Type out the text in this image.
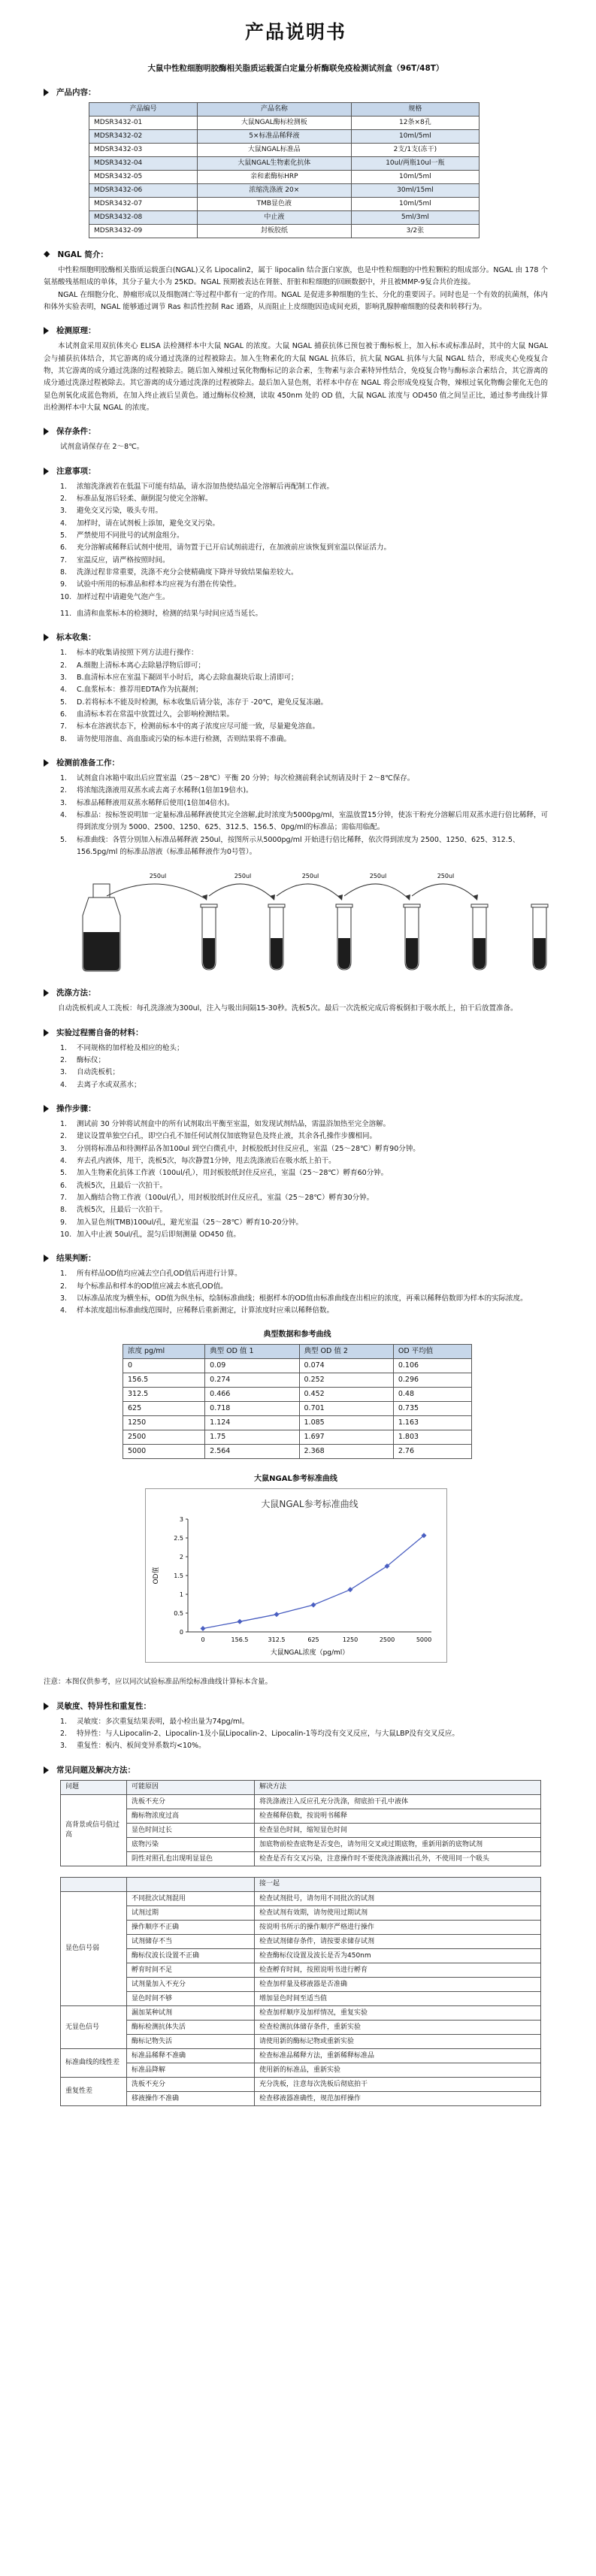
产品说明书
大鼠中性粒细胞明胶酶相关脂质运载蛋白定量分析酶联免疫检测试剂盒（96T/48T）
产品内容：
产品编号	产品名称	规格
MDSR3432-01	大鼠NGAL酶标检测板	12条×8孔
MDSR3432-02	5×标准品稀释液	10ml/5ml
MDSR3432-03	大鼠NGAL标准品	2支/1支(冻干)
MDSR3432-04	大鼠NGAL生物素化抗体	10ul/两瓶10ul一瓶
MDSR3432-05	亲和素酶标HRP	10ml/5ml
MDSR3432-06	浓缩洗涤液 20×	30ml/15ml
MDSR3432-07	TMB显色液	10ml/5ml
MDSR3432-08	中止液	5ml/3ml
MDSR3432-09	封板胶纸	3/2张
◆ NGAL 简介：

中性粒细胞明胶酶相关脂质运载蛋白(NGAL)又名 Lipocalin2，属于 lipocalin 结合蛋白家族，也是中性粒细胞的中性粒颗粒的组成部分。NGAL 由 178 个氨基酸残基组成的单体，其分子量大小为 25KD。NGAL 预期被表达在肾脏、肝脏和粒细胞的回顾数据中，并且被MMP-9复合共价连接。

NGAL 在细胞分化、肿瘤形成以及细胞凋亡等过程中都有一定的作用。NGAL 是促进多种细胞的生长、分化的重要因子。同时也是一个有效的抗菌剂，体内和体外实验表明，NGAL 能够通过调节 Ras 和活性控制 Rac 通路，从而阻止上皮细胞因造成间充质，影响乳腺肿瘤细胞的侵袭和转移行为。

检测原理：

本试剂盒采用双抗体夹心 ELISA 法检测样本中大鼠 NGAL 的浓度。大鼠 NGAL 捕获抗体已预包被于酶标板上，加入标本或标准品时，其中的大鼠 NGAL 会与捕获抗体结合，其它游离的成分通过洗涤的过程被除去。加入生物素化的大鼠 NGAL 抗体后，抗大鼠 NGAL 抗体与大鼠 NGAL 结合，形成夹心免疫复合物，其它游离的成分通过洗涤的过程被除去。随后加入辣根过氧化物酶标记的亲合素，生物素与亲合素特异性结合，免疫复合物与酶标亲合素结合，其它游离的成分通过洗涤过程被除去。其它游离的成分通过洗涤的过程被除去。最后加入显色剂，若样本中存在 NGAL 将会形成免疫复合物，辣根过氧化物酶会催化无色的显色剂氧化成蓝色物质，在加入终止液后呈黄色。通过酶标仪检测，读取 450nm 处的 OD 值，大鼠 NGAL 浓度与 OD450 值之间呈正比，通过参考曲线计算出检测样本中大鼠 NGAL 的浓度。

保存条件：
试剂盒请保存在 2～8℃。
注意事项：
1.	浓缩洗涤液若在低温下可能有结晶，请水浴加热使结晶完全溶解后再配制工作液。
2.	标准品复溶后轻柔、颠倒混匀使完全溶解。
3.	避免交叉污染，吸头专用。
4.	加样时，请在试剂板上添加，避免交叉污染。
5.	严禁使用不同批号的试剂盒组分。
6.	充分溶解或稀释后试剂中使用，请勿置于已开启试剂前进行，在加液前应该恢复到室温以保证活力。
7.	室温反应，请严格按照时间。
8.	洗涤过程非常重要，洗涤不充分会使精确度下降并导致结果偏差较大。
9.	试验中所用的标准品和样本均应视为有潜在传染性。
10. 加样过程中请避免气泡产生。
11. 血清和血浆标本的检测时，检测的结果与时间应适当延长。
标本收集：
1.	标本的收集请按照下列方法进行操作：
2.	A.细胞上清标本离心去除悬浮物后即可；
3.	B.血清标本应在室温下凝固半小时后，离心去除血凝块后取上清即可；
4.	C.血浆标本：推荐用EDTA作为抗凝剂；
5.	D.若将标本不能及时检测，标本收集后请分装，冻存于 -20℃，避免反复冻融。
6.	血清标本若在常温中放置过久，会影响检测结果。
7.	标本在溶液状态下，检测前标本中的离子浓度应尽可能一致，尽量避免溶血。
8.	请勿使用溶血、高血脂或污染的标本进行检测，否则结果将不准确。
检测前准备工作：
1.	试剂盒自冰箱中取出后应置室温（25～28℃）平衡 20 分钟；每次检测前剩余试剂请及时于 2～8℃保存。
2.	将浓缩洗涤液用双蒸水或去离子水稀释(1倍加19倍水)。
3.	标准品稀释液用双蒸水稀释后使用(1倍加4倍水)。
4.	标准品：按标签说明加一定量标准品稀释液使其完全溶解,此时浓度为5000pg/ml，室温放置15分钟，使冻干粉充分溶解后用双蒸水进行倍比稀释，可得到浓度分别为 5000、2500、1250、625、312.5、156.5、0pg/ml的标准品；需临用临配。
5.	标准曲线：各管分别加入标准品稀释液 250ul，按图所示从5000pg/ml 开始进行倍比稀释，依次得到浓度为 2500、1250、625、312.5、156.5pg/ml 的标准品溶液（标准品稀释液作为0号管）。
250ul	250ul	250ul	250ul	250ul
洗涤方法：

自动洗板机或人工洗板：每孔洗涤液为300ul，注入与吸出间隔15-30秒。洗板5次。最后一次洗板完成后将板倒扣于吸水纸上，拍干后放置准备。

实验过程需自备的材料：
1.	不同规格的加样枪及相应的枪头；
2.	酶标仪；
3.	自动洗板机；
4.	去离子水或双蒸水；
操作步骤：
1.	测试前 30 分钟将试剂盒中的所有试剂取出平衡至室温，如发现试剂结晶，需温浴加热至完全溶解。
2.	建议设置单独空白孔，即空白孔不加任何试剂仅加底物显色及终止液，其余各孔操作步骤相同。
3.	分别将标准品和待测样品各加100ul 到空白微孔中，封板胶纸封住反应孔，室温（25～28℃）孵育90分钟。
4.	弃去孔内液体，甩干，洗板5次，每次静置1分钟，甩去洗涤液后在吸水纸上拍干。
5.	加入生物素化抗体工作液（100ul/孔），用封板胶纸封住反应孔，室温（25～28℃）孵育60分钟。
6.	洗板5次，且最后一次拍干。
7.	加入酶结合物工作液（100ul/孔），用封板胶纸封住反应孔，室温（25～28℃）孵育30分钟。
8.	洗板5次，且最后一次拍干。
9.	加入显色剂(TMB)100ul/孔，避光室温（25～28℃）孵育10-20分钟。
10. 加入中止液 50ul/孔，混匀后即刻测量 OD450 值。
结果判断：
1.	所有样品OD值均应减去空白孔OD值后再进行计算。
2.	每个标准品和样本的OD值应减去本底孔OD值。
3.	以标准品浓度为横坐标，OD值为纵坐标，绘制标准曲线；根据样本的OD值由标准曲线查出相应的浓度，再乘以稀释倍数即为样本的实际浓度。
4.	样本浓度超出标准曲线范围时，应稀释后重新测定，计算浓度时应乘以稀释倍数。
典型数据和参考曲线
浓度 pg/ml	典型 OD 值 1	典型 OD 值 2	OD 平均值
0	0.09	0.074	0.106
156.5	0.274	0.252	0.296
312.5	0.466	0.452	0.48
625	0.718	0.701	0.735
1250	1.124	1.085	1.163
2500	1.75	1.697	1.803
5000	2.564	2.368	2.76
大鼠NGAL参考标准曲线
大鼠NGAL参考标准曲线
0
0.5
1
1.5
2
2.5
3
0	156.5	312.5	625	1250	2500	5000
大鼠NGAL浓度（pg/ml）
OD值
注意：本图仅供参考，应以同次试验标准品所绘标准曲线计算标本含量。
灵敏度、特异性和重复性：
1.	灵敏度：多次重复结果表明，最小检出量为74pg/ml。
2.	特异性：与人Lipocalin-2、Lipocalin-1及小鼠Lipocalin-2、Lipocalin-1等均没有交叉反应，与大鼠LBP没有交叉反应。
3.	重复性：板内、板间变异系数均<10%。
常见问题及解决方法：
问题	可能原因	解决方法
高背景或信号值过高	洗板不充分	将洗涤液注入反应孔充分洗涤，彻底拍干孔中液体
	酶标物浓度过高	检查稀释倍数，按说明书稀释
	显色时间过长	检查显色时间，缩短显色时间
	底物污染	加底物前检查底物是否变色，请勿用交叉或过期底物，重新用新的底物试剂
	阴性对照孔也出现明显显色	检查是否有交叉污染，注意操作时不要使洗涤液溅出孔外，不使用同一个吸头
		接一起
显色信号弱	不同批次试剂混用	检查试剂批号，请勿用不同批次的试剂
	试剂过期	检查试剂有效期，请勿使用过期试剂
	操作顺序不正确	按说明书所示的操作顺序严格进行操作
	试剂储存不当	检查试剂储存条件，请按要求储存试剂
	酶标仪波长设置不正确	检查酶标仪设置及波长是否为450nm
	孵育时间不足	检查孵育时间，按照说明书进行孵育
	试剂量加入不充分	检查加样量及移液器是否准确
	显色时间不够	增加显色时间至适当值
无显色信号	漏加某种试剂	检查加样顺序及加样情况，重复实验
	酶标检测抗体失活	检查检测抗体储存条件，重新实验
	酶标记物失活	请使用新的酶标记物或重新实验
标准曲线的线性差	标准品稀释不准确	检查标准品稀释方法，重新稀释标准品
	标准品降解	使用新的标准品，重新实验
重复性差	洗板不充分	充分洗板，注意每次洗板后彻底拍干
	移液操作不准确	检查移液器准确性，规范加样操作
